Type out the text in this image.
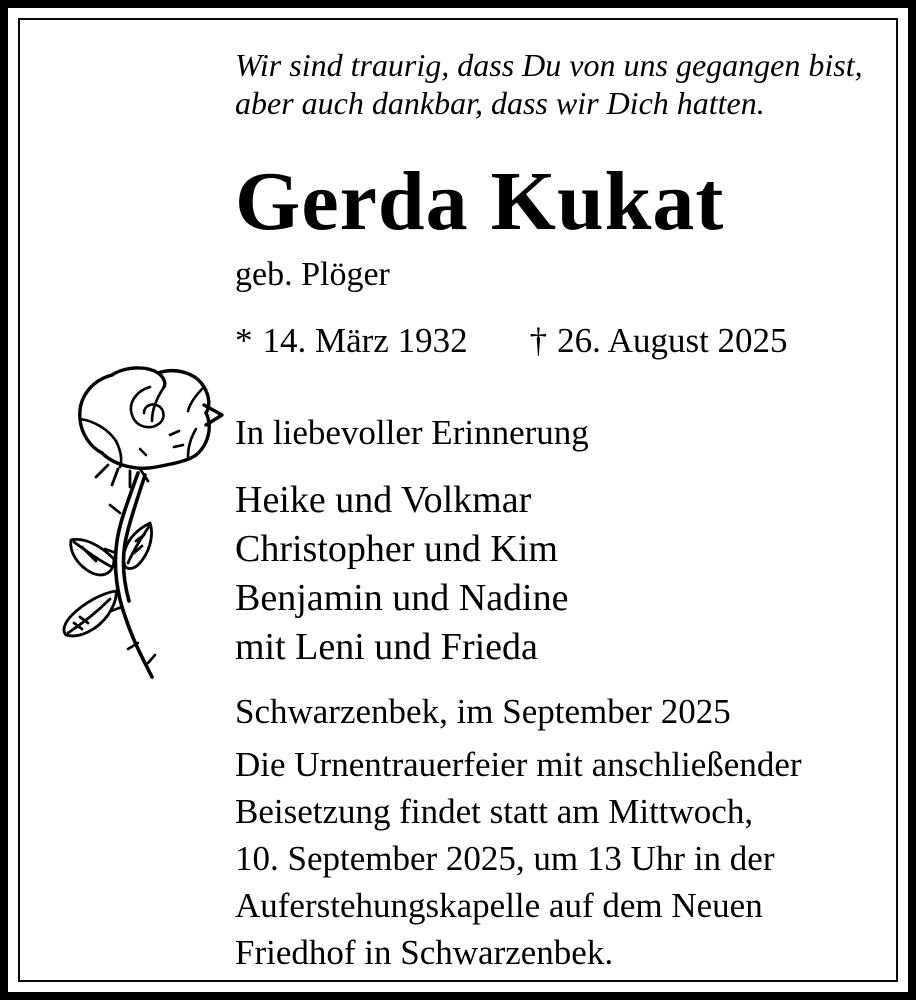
Wir sind traurig, dass Du von uns gegangen bist,
aber auch dankbar, dass wir Dich hatten.
Gerda Kukat
geb. Plöger
* 14. März 1932 † 26. August 2025
In liebevoller Erinnerung
Heike und Volkmar
Christopher und Kim
Benjamin und Nadine
mit Leni und Frieda
Schwarzenbek, im September 2025
Die Urnentrauerfeier mit anschließender
Beisetzung findet statt am Mittwoch,
10. September 2025, um 13 Uhr in der
Auferstehungskapelle auf dem Neuen
Friedhof in Schwarzenbek.
